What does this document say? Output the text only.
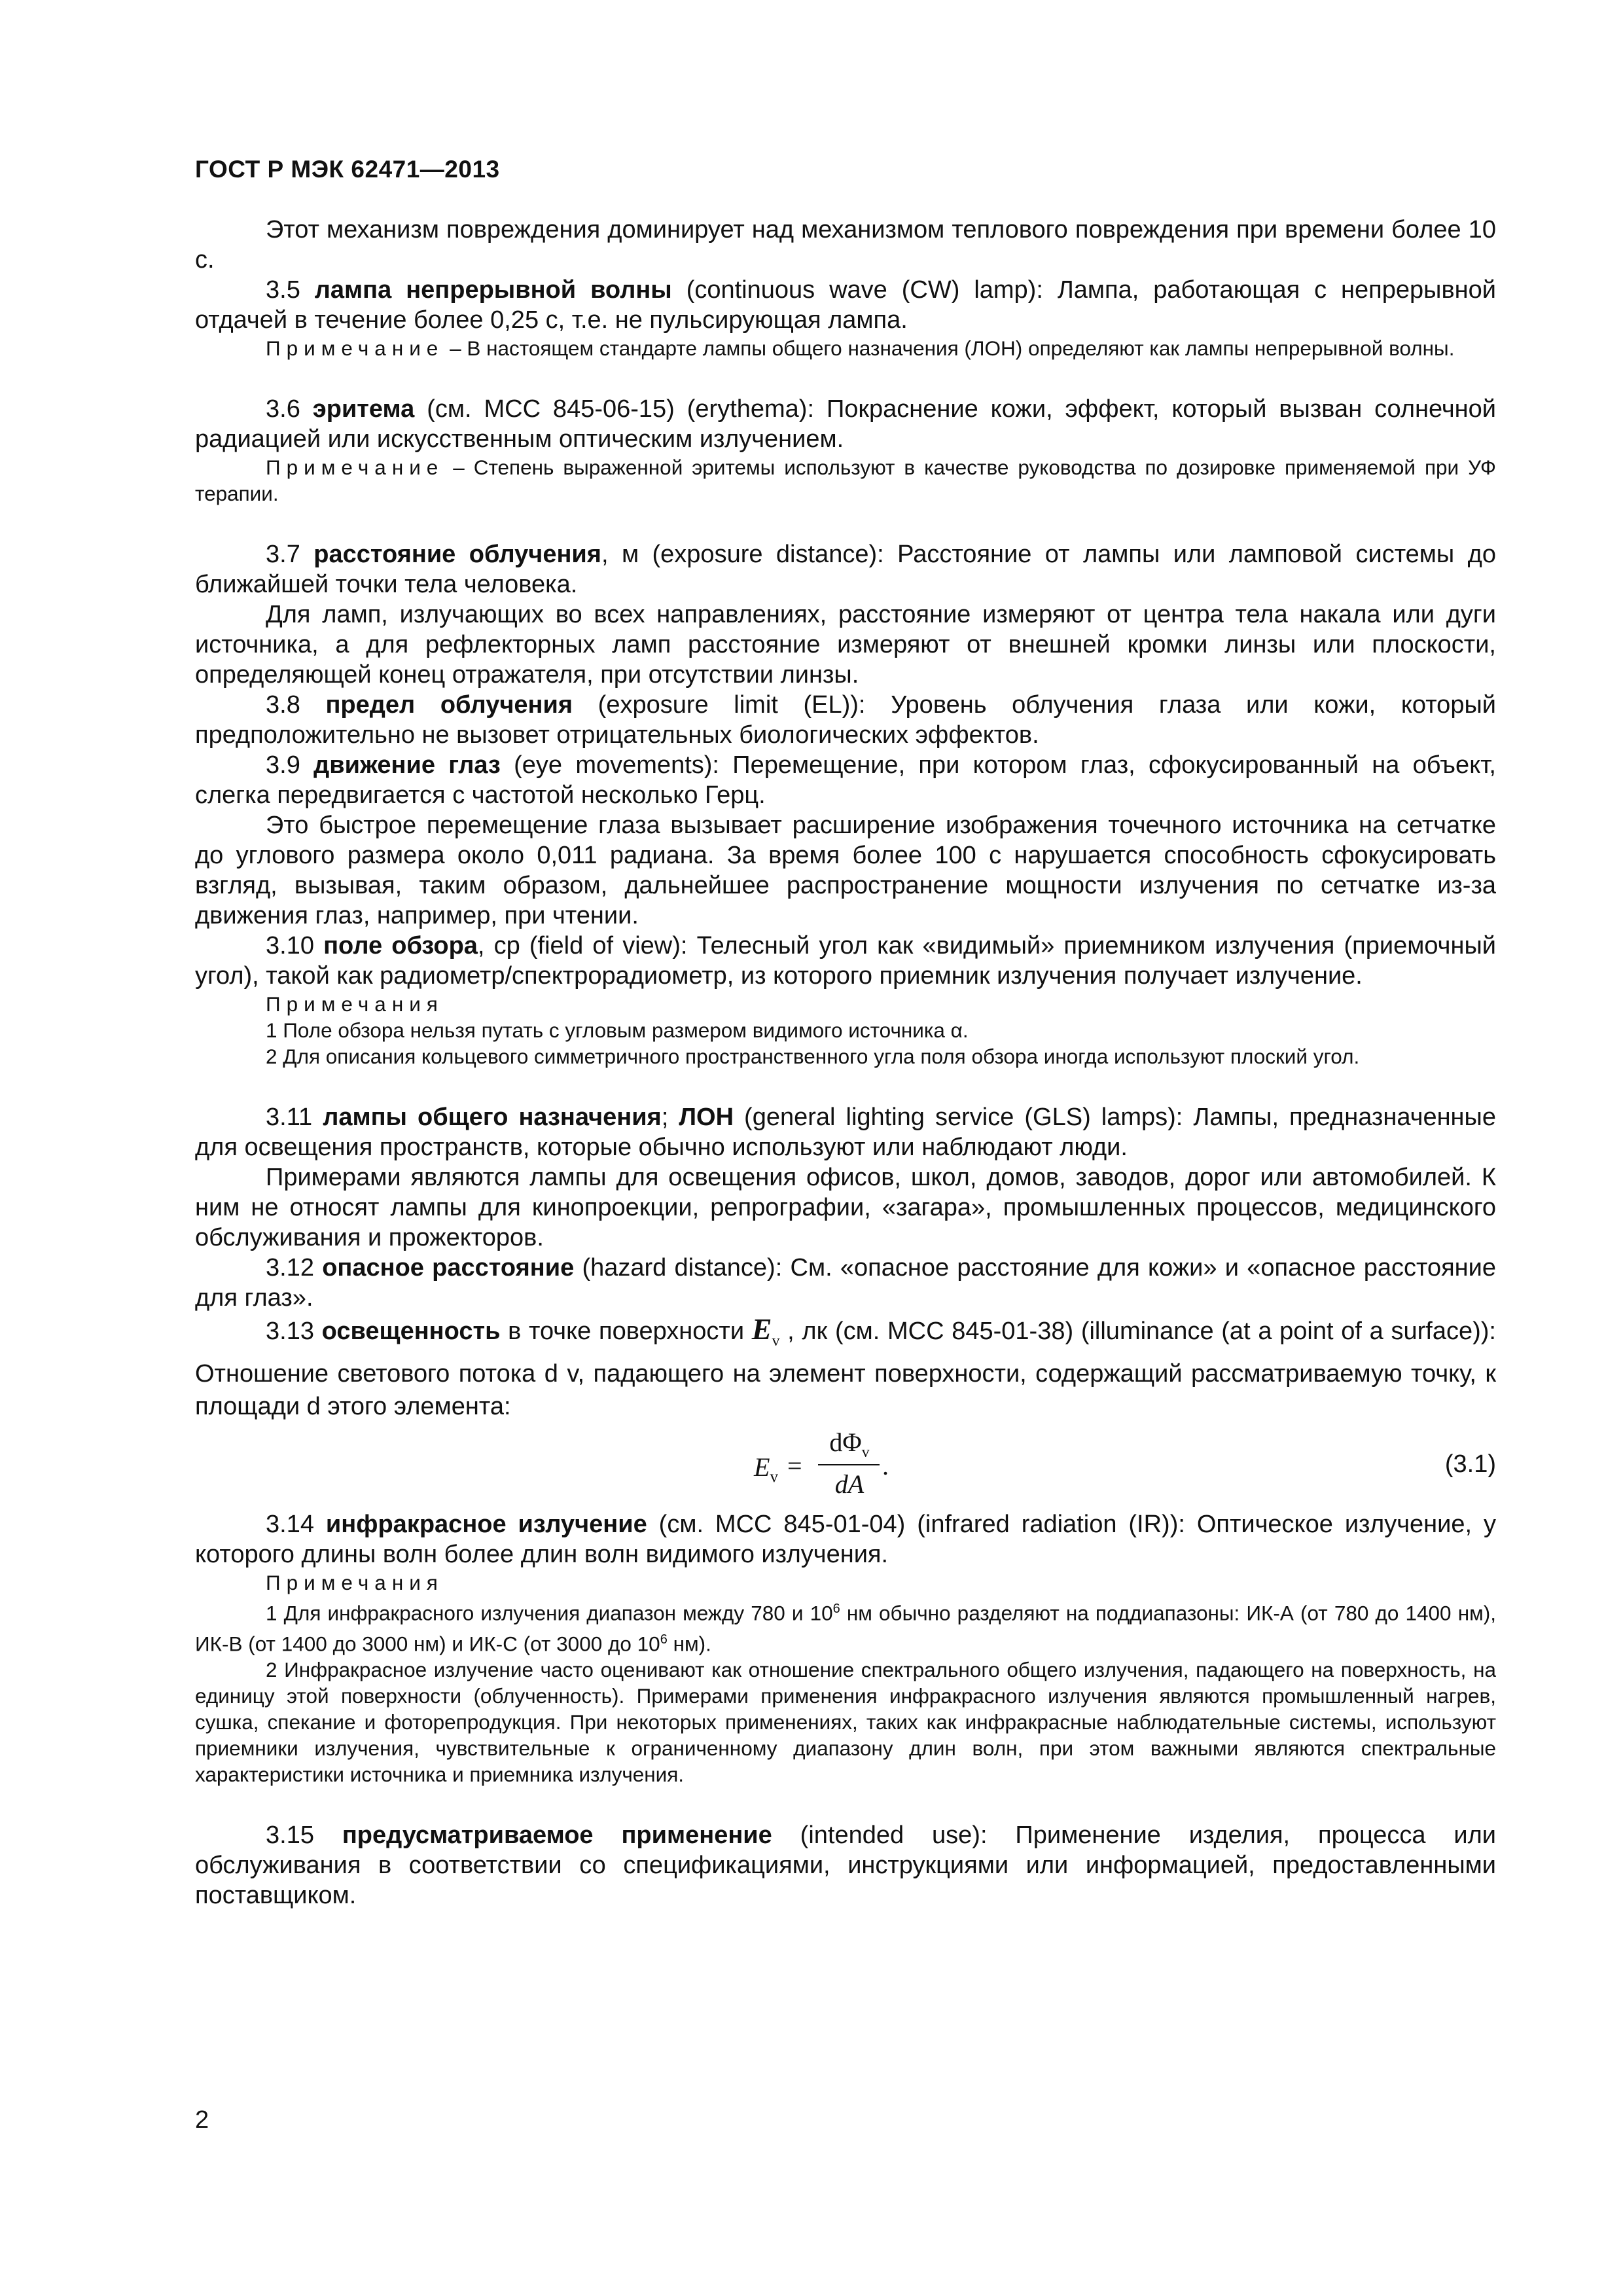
ГОСТ Р МЭК 62471—2013

Этот механизм повреждения доминирует над механизмом теплового повреждения при времени более 10 с.

3.5 лампа непрерывной волны (continuous wave (CW) lamp): Лампа, работающая с непрерывной отдачей в течение более 0,25 с, т.е. не пульсирующая лампа.

Примечание – В настоящем стандарте лампы общего назначения (ЛОН) определяют как лампы непрерывной волны.

3.6 эритема (см. МСС 845-06-15) (erythema): Покраснение кожи, эффект, который вызван солнечной радиацией или искусственным оптическим излучением.

Примечание – Степень выраженной эритемы используют в качестве руководства по дозировке применяемой при УФ терапии.

3.7 расстояние облучения, м (exposure distance): Расстояние от лампы или ламповой системы до ближайшей точки тела человека.

Для ламп, излучающих во всех направлениях, расстояние измеряют от центра тела накала или дуги источника, а для рефлекторных ламп расстояние измеряют от внешней кромки линзы или плоскости, определяющей конец отражателя, при отсутствии линзы.

3.8 предел облучения (exposure limit (EL)): Уровень облучения глаза или кожи, который предположительно не вызовет отрицательных биологических эффектов.

3.9 движение глаз (eye movements): Перемещение, при котором глаз, сфокусированный на объект, слегка передвигается с частотой несколько Герц.

Это быстрое перемещение глаза вызывает расширение изображения точечного источника на сетчатке до углового размера около 0,011 радиана. За время более 100 с нарушается способность сфокусировать взгляд, вызывая, таким образом, дальнейшее распространение мощности излучения по сетчатке из-за движения глаз, например, при чтении.

3.10 поле обзора, cp (field of view): Телесный угол как «видимый» приемником излучения (приемочный угол), такой как радиометр/спектрорадиометр, из которого приемник излучения получает излучение.

Примечания

1 Поле обзора нельзя путать с угловым размером видимого источника α.

2 Для описания кольцевого симметричного пространственного угла поля обзора иногда используют плоский угол.

3.11 лампы общего назначения; ЛОН (general lighting service (GLS) lamps): Лампы, предназначенные для освещения пространств, которые обычно используют или наблюдают люди.

Примерами являются лампы для освещения офисов, школ, домов, заводов, дорог или автомобилей. К ним не относят лампы для кинопроекции, репрографии, «загара», промышленных процессов, медицинского обслуживания и прожекторов.

3.12 опасное расстояние (hazard distance): См. «опасное расстояние для кожи» и «опасное расстояние для глаз».

3.13 освещенность в точке поверхности $E_v$ , лк (см. МСС 845-01-38) (illuminance (at a point of a surface)): Отношение светового потока d v, падающего на элемент поверхности, содержащий рассматриваемую точку, к площади d этого элемента:

$E_v$ =
$d\Phi_v$
dA
.	(3.1)

3.14 инфракрасное излучение (см. МСС 845-01-04) (infrared radiation (IR)): Оптическое излучение, у которого длины волн более длин волн видимого излучения.

Примечания

1 Для инфракрасного излучения диапазон между 780 и $10^6$ нм обычно разделяют на поддиапазоны: ИК-А (от 780 до 1400 нм), ИК-В (от 1400 до 3000 нм) и ИК-С (от 3000 до $10^6$ нм).

2 Инфракрасное излучение часто оценивают как отношение спектрального общего излучения, падающего на поверхность, на единицу этой поверхности (облученность). Примерами применения инфракрасного излучения являются промышленный нагрев, сушка, спекание и фоторепродукция. При некоторых применениях, таких как инфракрасные наблюдательные системы, используют приемники излучения, чувствительные к ограниченному диапазону длин волн, при этом важными являются спектральные характеристики источника и приемника излучения.

3.15 предусматриваемое применение (intended use): Применение изделия, процесса или обслуживания в соответствии со спецификациями, инструкциями или информацией, предоставленными поставщиком.

2
